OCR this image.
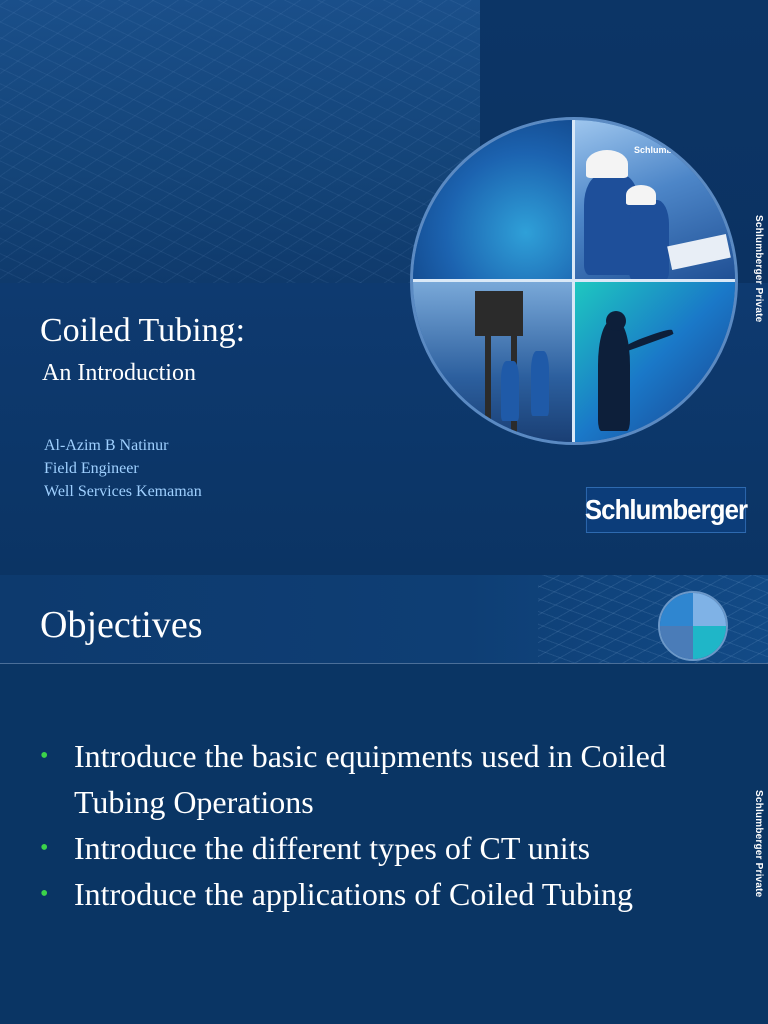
Schlumberger
Coiled Tubing:
An Introduction
Al-Azim B Natinur
Field Engineer
Well Services Kemaman
Schlumberger
Schlumberger Private
Objectives
• Introduce the basic equipments used in Coiled Tubing Operations
• Introduce the different types of CT units
• Introduce the applications of Coiled Tubing	Schlumberger Private
